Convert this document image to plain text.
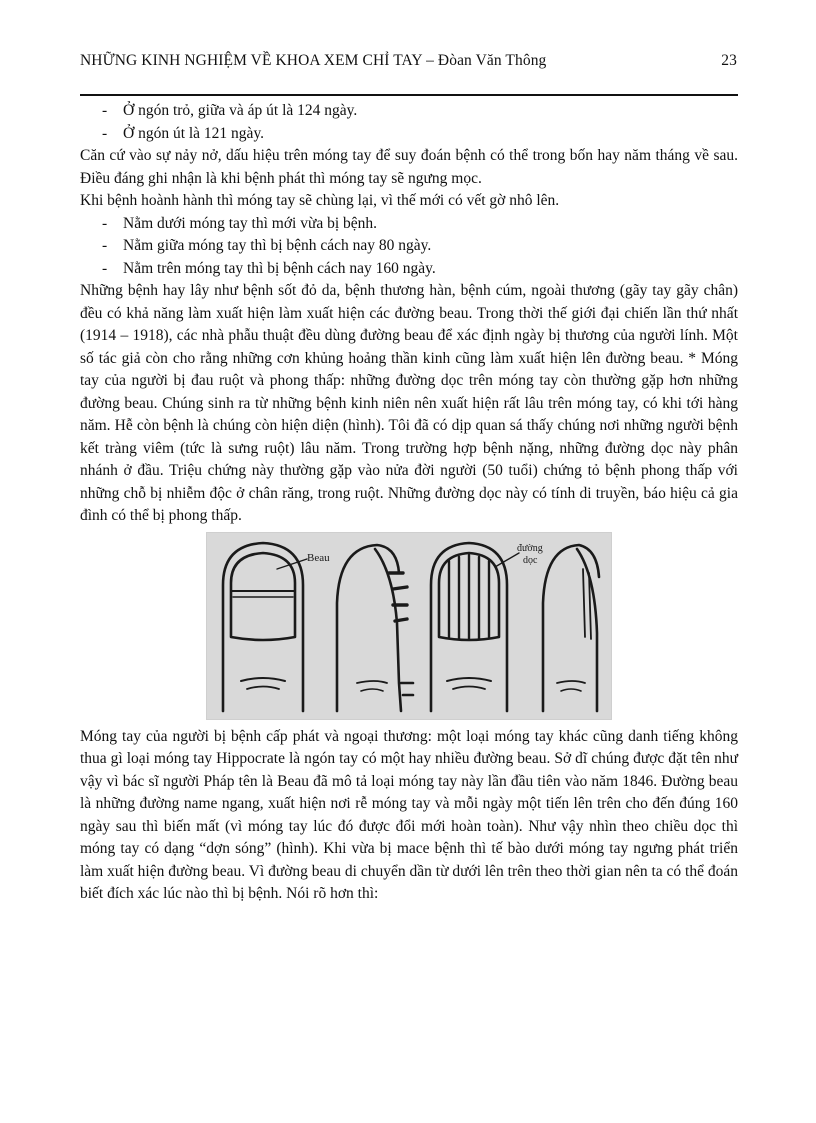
NHỮNG KINH NGHIỆM VỀ KHOA XEM CHỈ TAY – Đòan Văn Thông	23
- Ở ngón trỏ, giữa và áp út là 124 ngày.
- Ở ngón út là 121 ngày.

Căn cứ vào sự nảy nở, dấu hiệu trên móng tay để suy đoán bệnh có thể trong bốn hay năm tháng về sau. Điều đáng ghi nhận là khi bệnh phát thì móng tay sẽ ngưng mọc.

Khi bệnh hoành hành thì móng tay sẽ chùng lại, vì thế mới có vết gờ nhô lên.

- Nằm dưới móng tay thì mới vừa bị bệnh.
- Nằm giữa móng tay thì bị bệnh cách nay 80 ngày.
- Nằm trên móng tay thì bị bệnh cách nay 160 ngày.

Những bệnh hay lây như bệnh sốt đỏ da, bệnh thương hàn, bệnh cúm, ngoài thương (gãy tay gãy chân) đều có khả năng làm xuất hiện làm xuất hiện các đường beau. Trong thời thế giới đại chiến lần thứ nhất (1914 – 1918), các nhà phẫu thuật đều dùng đường beau để xác định ngày bị thương của người lính. Một số tác giả còn cho rằng những cơn khủng hoảng thần kinh cũng làm xuất hiện lên đường beau. * Móng tay của người bị đau ruột và phong thấp: những đường dọc trên móng tay còn thường gặp hơn những đường beau. Chúng sinh ra từ những bệnh kinh niên nên xuất hiện rất lâu trên móng tay, có khi tới hàng năm. Hễ còn bệnh là chúng còn hiện diện (hình). Tôi đã có dịp quan sá thấy chúng nơi những người bệnh kết tràng viêm (tức là sưng ruột) lâu năm. Trong trường hợp bệnh nặng, những đường dọc này phân nhánh ở đầu. Triệu chứng này thường gặp vào nửa đời người (50 tuổi) chứng tỏ bệnh phong thấp với những chỗ bị nhiễm độc ở chân răng, trong ruột. Những đường dọc này có tính di truyền, báo hiệu cả gia đình có thể bị phong thấp.

Beau
đường
dọc

Móng tay của người bị bệnh cấp phát và ngoại thương: một loại móng tay khác cũng danh tiếng không thua gì loại móng tay Hippocrate là ngón tay có một hay nhiều đường beau. Sở dĩ chúng được đặt tên như vậy vì bác sĩ người Pháp tên là Beau đã mô tả loại móng tay này lần đầu tiên vào năm 1846. Đường beau là những đường name ngang, xuất hiện nơi rễ móng tay và mỗi ngày một tiến lên trên cho đến đúng 160 ngày sau thì biến mất (vì móng tay lúc đó được đổi mới hoàn toàn). Như vậy nhìn theo chiều dọc thì móng tay có dạng “dợn sóng” (hình). Khi vừa bị mace bệnh thì tế bào dưới móng tay ngưng phát triển làm xuất hiện đường beau. Vì đường beau di chuyển dần từ dưới lên trên theo thời gian nên ta có thể đoán biết đích xác lúc nào thì bị bệnh. Nói rõ hơn thì:
